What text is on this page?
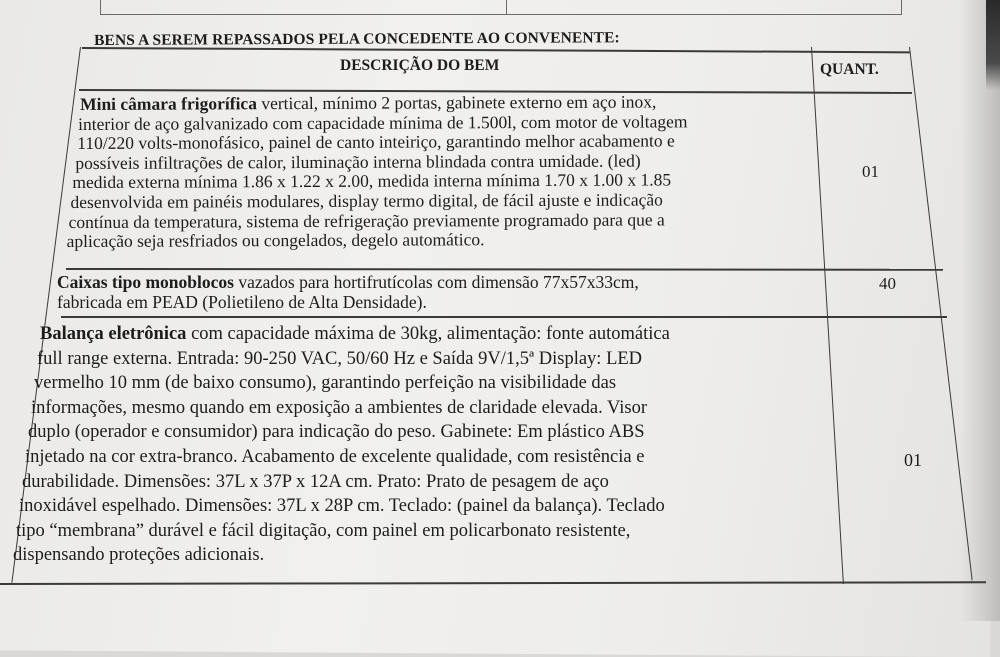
BENS A SEREM REPASSADOS PELA CONCEDENTE AO CONVENENTE:
DESCRIÇÃO DO BEM	QUANT.
Mini câmara frigorífica vertical, mínimo 2 portas, gabinete externo em aço inox,
interior de aço galvanizado com capacidade mínima de 1.500l, com motor de voltagem
110/220 volts-monofásico, painel de canto inteiriço, garantindo melhor acabamento e
possíveis infiltrações de calor, iluminação interna blindada contra umidade. (led)
medida externa mínima 1.86 x 1.22 x 2.00, medida interna mínima 1.70 x 1.00 x 1.85
desenvolvida em painéis modulares, display termo digital, de fácil ajuste e indicação
contínua da temperatura, sistema de refrigeração previamente programado para que a
aplicação seja resfriados ou congelados, degelo automático.
01
Caixas tipo monoblocos vazados para hortifrutícolas com dimensão 77x57x33cm,
fabricada em PEAD (Polietileno de Alta Densidade).
40
Balança eletrônica com capacidade máxima de 30kg, alimentação: fonte automática
full range externa. Entrada: 90-250 VAC, 50/60 Hz e Saída 9V/1,5ª Display: LED
vermelho 10 mm (de baixo consumo), garantindo perfeição na visibilidade das
informações, mesmo quando em exposição a ambientes de claridade elevada. Visor
duplo (operador e consumidor) para indicação do peso. Gabinete: Em plástico ABS
injetado na cor extra-branco. Acabamento de excelente qualidade, com resistência e
durabilidade. Dimensões: 37L x 37P x 12A cm. Prato: Prato de pesagem de aço
inoxidável espelhado. Dimensões: 37L x 28P cm. Teclado: (painel da balança). Teclado
tipo “membrana” durável e fácil digitação, com painel em policarbonato resistente,
dispensando proteções adicionais.
01
